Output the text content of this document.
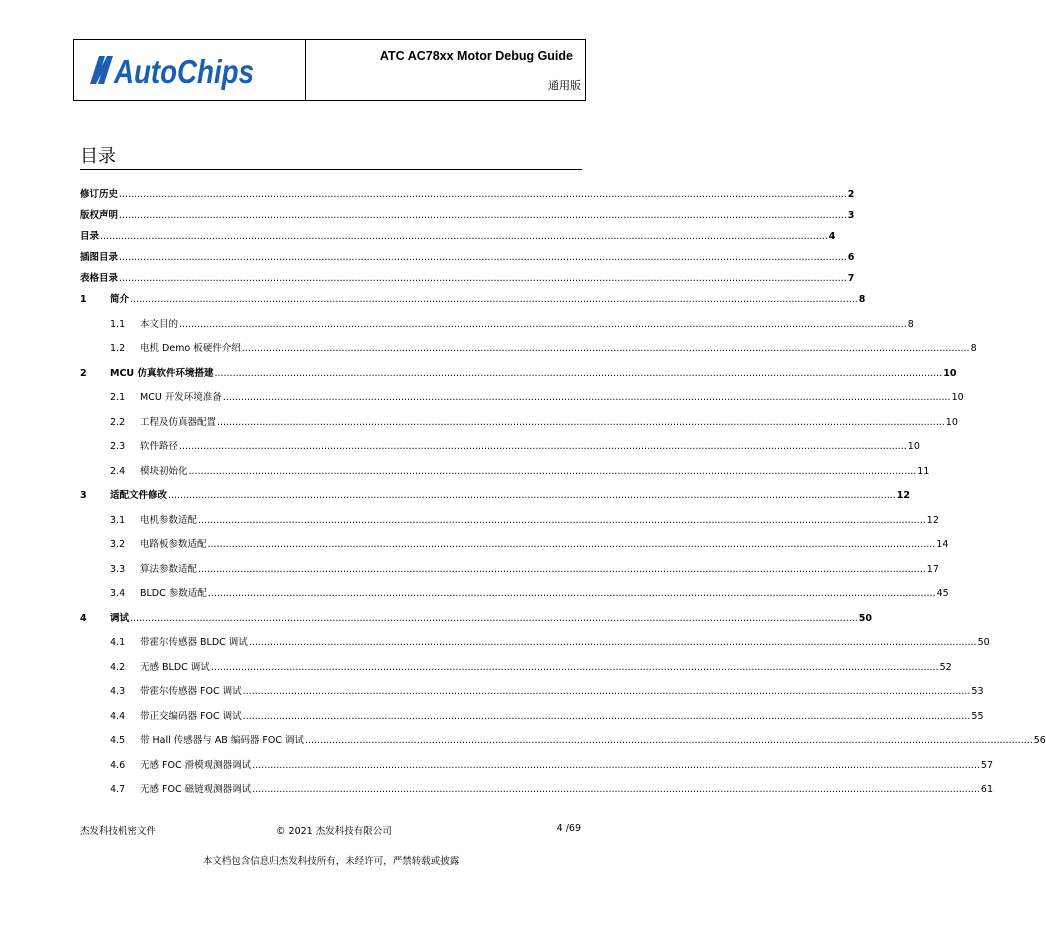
AutoChips	ATC AC78xx Motor Debug Guide
通用版
目录
修订历史 .....	2
版权声明 .....	3
目录 .....	4
插图目录 .....	6
表格目录 .....	7
1	简介 .....	8
1.1	本文目的 .....	8
1.2	电机 Demo 板硬件介绍 .....	8
2	MCU 仿真软件环境搭建 .....	10
2.1	MCU 开发环境准备 .....	10
2.2	工程及仿真器配置 .....	10
2.3	软件路径 .....	10
2.4	模块初始化 .....	11
3	适配文件修改 .....	12
3.1	电机参数适配 .....	12
3.2	电路板参数适配 .....	14
3.3	算法参数适配 .....	17
3.4	BLDC 参数适配 .....	45
4	调试 .....	50
4.1	带霍尔传感器 BLDC 调试 .....	50
4.2	无感 BLDC 调试 .....	52
4.3	带霍尔传感器 FOC 调试 .....	53
4.4	带正交编码器 FOC 调试 .....	55
4.5	带 Hall 传感器与 AB 编码器 FOC 调试 .....	56
4.6	无感 FOC 滑模观测器调试 .....	57
4.7	无感 FOC 磁链观测器调试 .....	61
杰发科技机密文件	© 2021 杰发科技有限公司	4 /69
本文档包含信息归杰发科技所有，未经许可，严禁转载或披露
